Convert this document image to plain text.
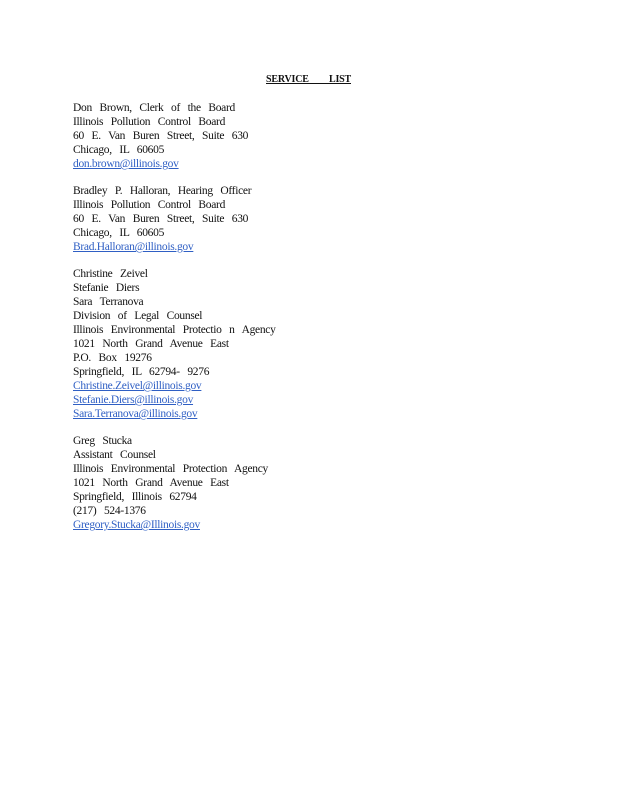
SERVICE LIST
Don Brown, Clerk of the Board
Illinois Pollution Control Board
60 E. Van Buren Street, Suite 630
Chicago, IL 60605
don.brown@illinois.gov
Bradley P. Halloran, Hearing Officer
Illinois Pollution Control Board
60 E. Van Buren Street, Suite 630
Chicago, IL 60605
Brad.Halloran@illinois.gov
Christine Zeivel
Stefanie Diers
Sara Terranova
Division of Legal Counsel
Illinois Environmental Protectio n Agency
1021 North Grand Avenue East
P.O. Box 19276
Springfield, IL 62794- 9276
Christine.Zeivel@illinois.gov
Stefanie.Diers@illinois.gov
Sara.Terranova@illinois.gov
Greg Stucka
Assistant Counsel
Illinois Environmental Protection Agency
1021 North Grand Avenue East
Springfield, Illinois 62794
(217) 524-1376
Gregory.Stucka@Illinois.gov
